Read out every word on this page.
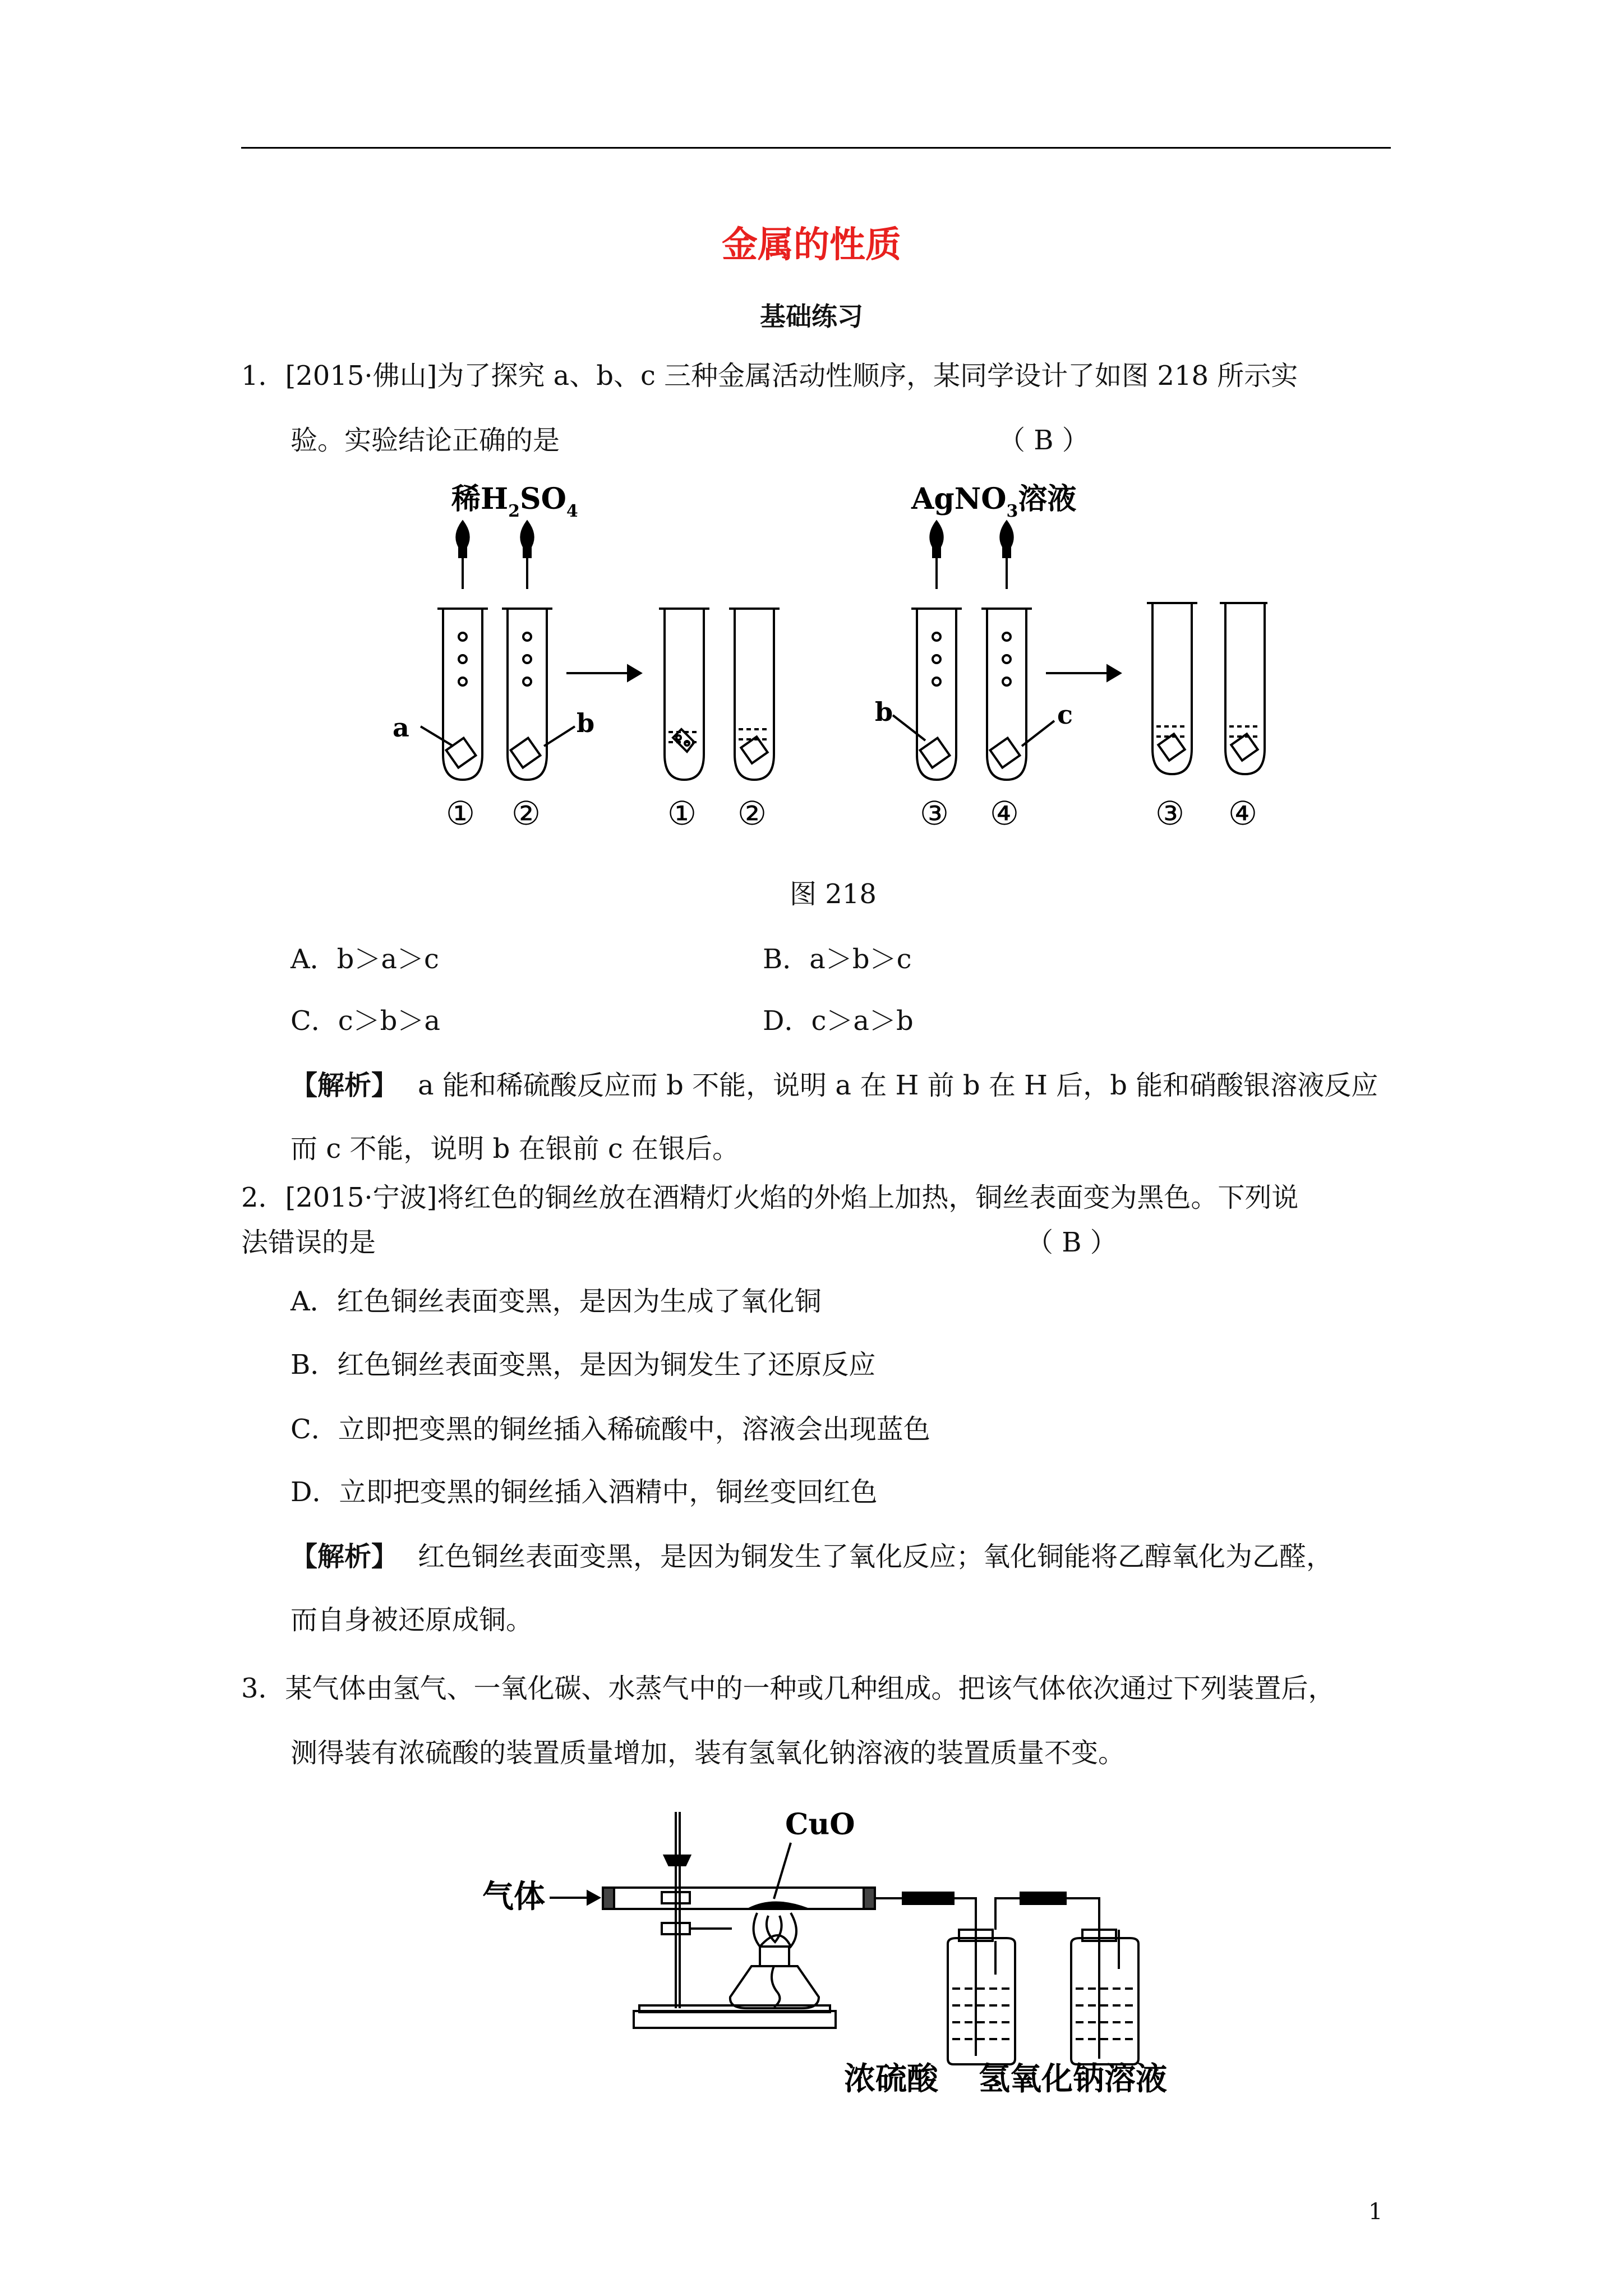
金属的性质
基础练习
1．[2015·佛山]为了探究 a、b、c 三种金属活动性顺序，某同学设计了如图 218 所示实
验。实验结论正确的是	（ B ）
稀$H_2SO_4$	AgNO$_3$溶液
a	b	b	c
① ②	① ②	③ ④	③ ④
图 218
A．b＞a＞c	B．a＞b＞c
C．c＞b＞a	D．c＞a＞b
【解析】 a 能和稀硫酸反应而 b 不能，说明 a 在 H 前 b 在 H 后，b 能和硝酸银溶液反应
而 c 不能，说明 b 在银前 c 在银后。
2．[2015·宁波]将红色的铜丝放在酒精灯火焰的外焰上加热，铜丝表面变为黑色。下列说
法错误的是	（ B ）
A．红色铜丝表面变黑，是因为生成了氧化铜
B．红色铜丝表面变黑，是因为铜发生了还原反应
C．立即把变黑的铜丝插入稀硫酸中，溶液会出现蓝色
D．立即把变黑的铜丝插入酒精中，铜丝变回红色
【解析】 红色铜丝表面变黑，是因为铜发生了氧化反应；氧化铜能将乙醇氧化为乙醛，
而自身被还原成铜。
3．某气体由氢气、一氧化碳、水蒸气中的一种或几种组成。把该气体依次通过下列装置后，
测得装有浓硫酸的装置质量增加，装有氢氧化钠溶液的装置质量不变。
气体
CuO
浓硫酸 氢氧化钠溶液
1
